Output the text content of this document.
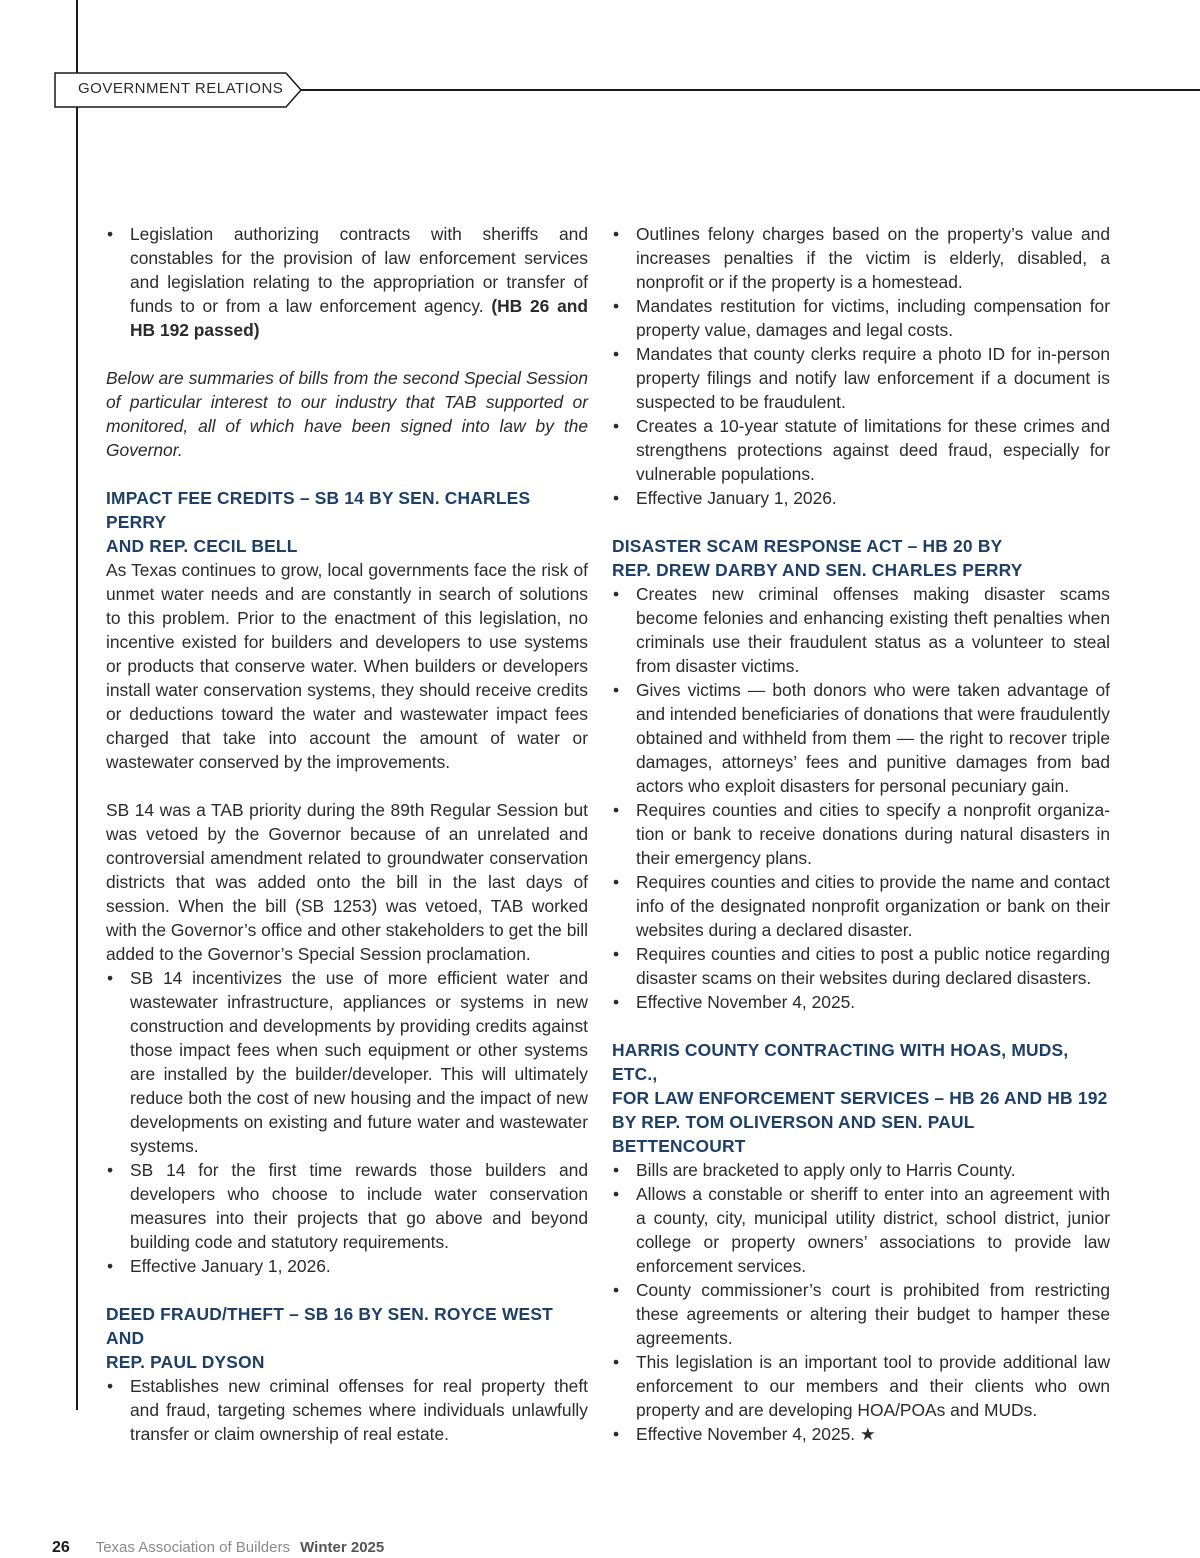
GOVERNMENT RELATIONS
• Legislation authorizing contracts with sheriffs and constables for the provision of law enforcement services and legislation relating to the appropriation or transfer of funds to or from a law enforcement agency. (HB 26 and HB 192 passed)

Below are summaries of bills from the second Special Session of particular interest to our industry that TAB supported or monitored, all of which have been signed into law by the Governor.

IMPACT FEE CREDITS – SB 14 BY SEN. CHARLES PERRY
AND REP. CECIL BELL

As Texas continues to grow, local governments face the risk of unmet water needs and are constantly in search of solutions to this problem. Prior to the enactment of this legislation, no incentive existed for builders and developers to use systems or products that conserve water. When builders or developers install water conservation systems, they should receive credits or deductions toward the water and wastewater impact fees charged that take into account the amount of water or wastewater conserved by the improvements.

SB 14 was a TAB priority during the 89th Regular Session but was vetoed by the Governor because of an unrelated and controversial amendment related to groundwater conservation districts that was added onto the bill in the last days of session. When the bill (SB 1253) was vetoed, TAB worked with the Governor’s office and other stakeholders to get the bill added to the Governor’s Special Session proclamation.

• SB 14 incentivizes the use of more efficient water and wastewater infrastructure, appliances or systems in new construction and developments by providing credits against those impact fees when such equipment or other systems are installed by the builder/developer. This will ultimately reduce both the cost of new housing and the impact of new developments on existing and future water and wastewater systems.
• SB 14 for the first time rewards those builders and developers who choose to include water conservation measures into their projects that go above and beyond building code and statutory requirements.
• Effective January 1, 2026.
DEED FRAUD/THEFT – SB 16 BY SEN. ROYCE WEST AND
REP. PAUL DYSON
• Establishes new criminal offenses for real property theft and fraud, targeting schemes where individuals unlawfully transfer or claim ownership of real estate.
• Outlines felony charges based on the property’s value and increases penalties if the victim is elderly, disabled, a nonprofit or if the property is a homestead.
• Mandates restitution for victims, including compensation for property value, damages and legal costs.
• Mandates that county clerks require a photo ID for in-person property filings and notify law enforcement if a document is suspected to be fraudulent.
• Creates a 10-year statute of limitations for these crimes and strengthens protections against deed fraud, especially for vulnerable populations.
• Effective January 1, 2026.
DISASTER SCAM RESPONSE ACT – HB 20 BY
REP. DREW DARBY AND SEN. CHARLES PERRY
• Creates new criminal offenses making disaster scams become felonies and enhancing existing theft penalties when criminals use their fraudulent status as a volunteer to steal from disaster victims.
• Gives victims — both donors who were taken advantage of and intended beneficiaries of donations that were fraudulently obtained and withheld from them — the right to recover triple damages, attorneys’ fees and punitive damages from bad actors who exploit disasters for personal pecuniary gain.
• Requires counties and cities to specify a nonprofit organization or bank to receive donations during natural disasters in their emergency plans.
• Requires counties and cities to provide the name and contact info of the designated nonprofit organization or bank on their websites during a declared disaster.
• Requires counties and cities to post a public notice regarding disaster scams on their websites during declared disasters.
• Effective November 4, 2025.
HARRIS COUNTY CONTRACTING WITH HOAS, MUDS, ETC.,
FOR LAW ENFORCEMENT SERVICES – HB 26 AND HB 192
BY REP. TOM OLIVERSON AND SEN. PAUL BETTENCOURT
• Bills are bracketed to apply only to Harris County.
• Allows a constable or sheriff to enter into an agreement with a county, city, municipal utility district, school district, junior college or property owners’ associations to provide law enforcement services.
• County commissioner’s court is prohibited from restricting these agreements or altering their budget to hamper these agreements.
• This legislation is an important tool to provide additional law enforcement to our members and their clients who own property and are developing HOA/POAs and MUDs.
• Effective November 4, 2025. ★
26 Texas Association of Builders Winter 2025
